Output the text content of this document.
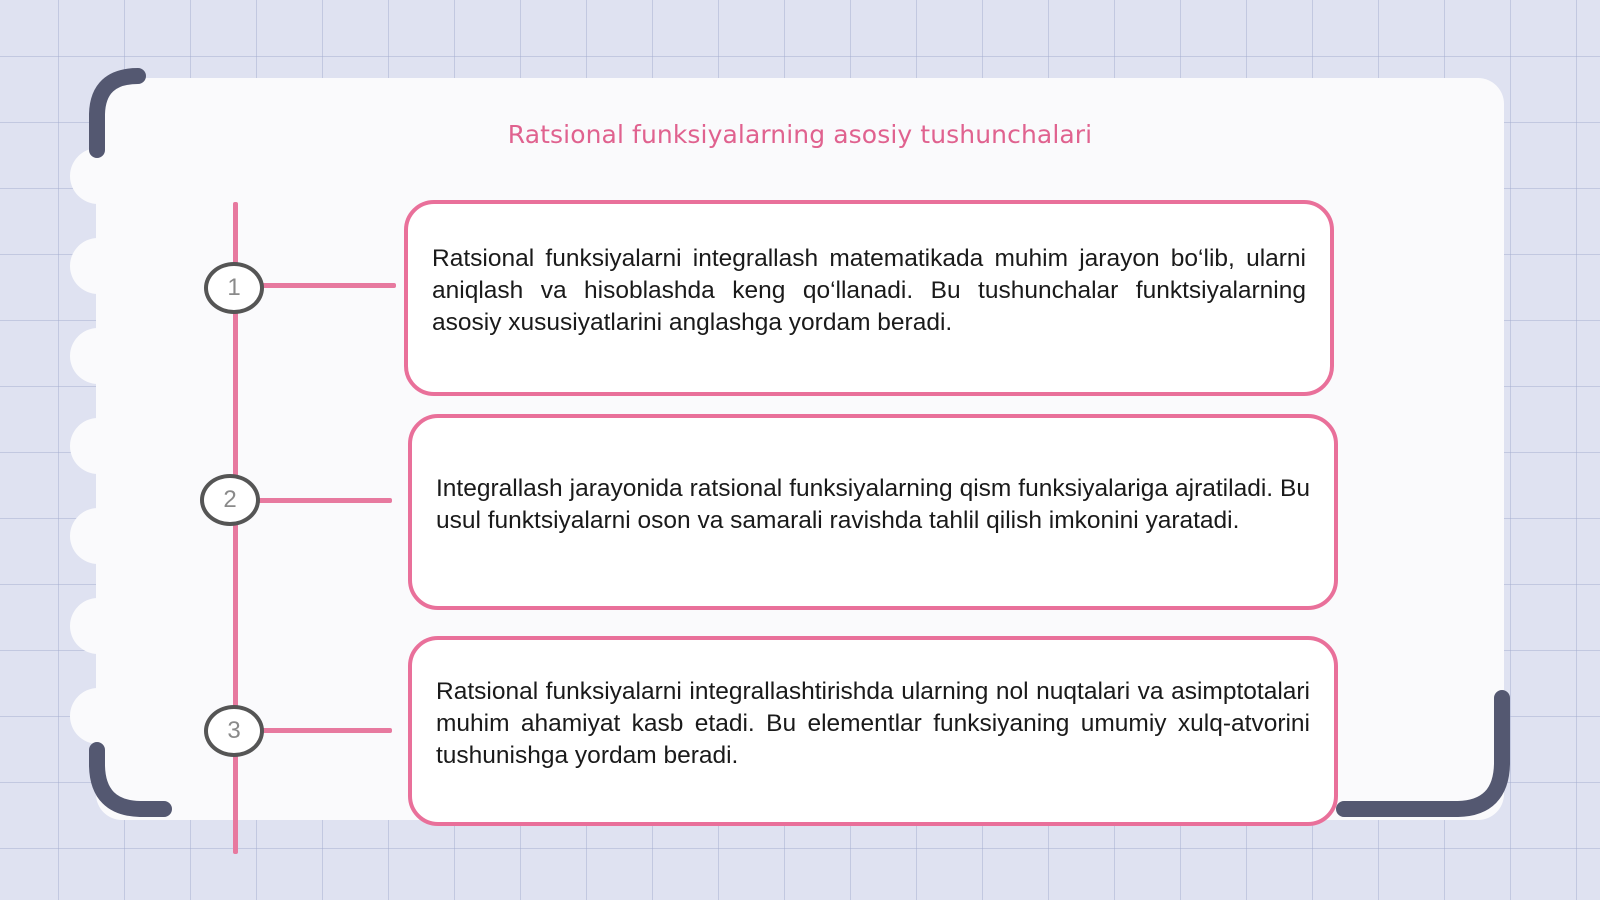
Ratsional funksiyalarning asosiy tushunchalari
1
2
3

Ratsional funksiyalarni integrallash matematikada muhim jarayon bo‘lib, ularni aniqlash va hisoblashda keng qo‘llanadi. Bu tushunchalar funktsiyalarning asosiy xususiyatlarini anglashga yordam beradi.

Integrallash jarayonida ratsional funksiyalarning qism funksiyalariga ajratiladi. Bu usul funktsiyalarni oson va samarali ravishda tahlil qilish imkonini yaratadi.

Ratsional funksiyalarni integrallashtirishda ularning nol nuqtalari va asimptotalari muhim ahamiyat kasb etadi. Bu elementlar funksiyaning umumiy xulq-atvorini tushunishga yordam beradi.
